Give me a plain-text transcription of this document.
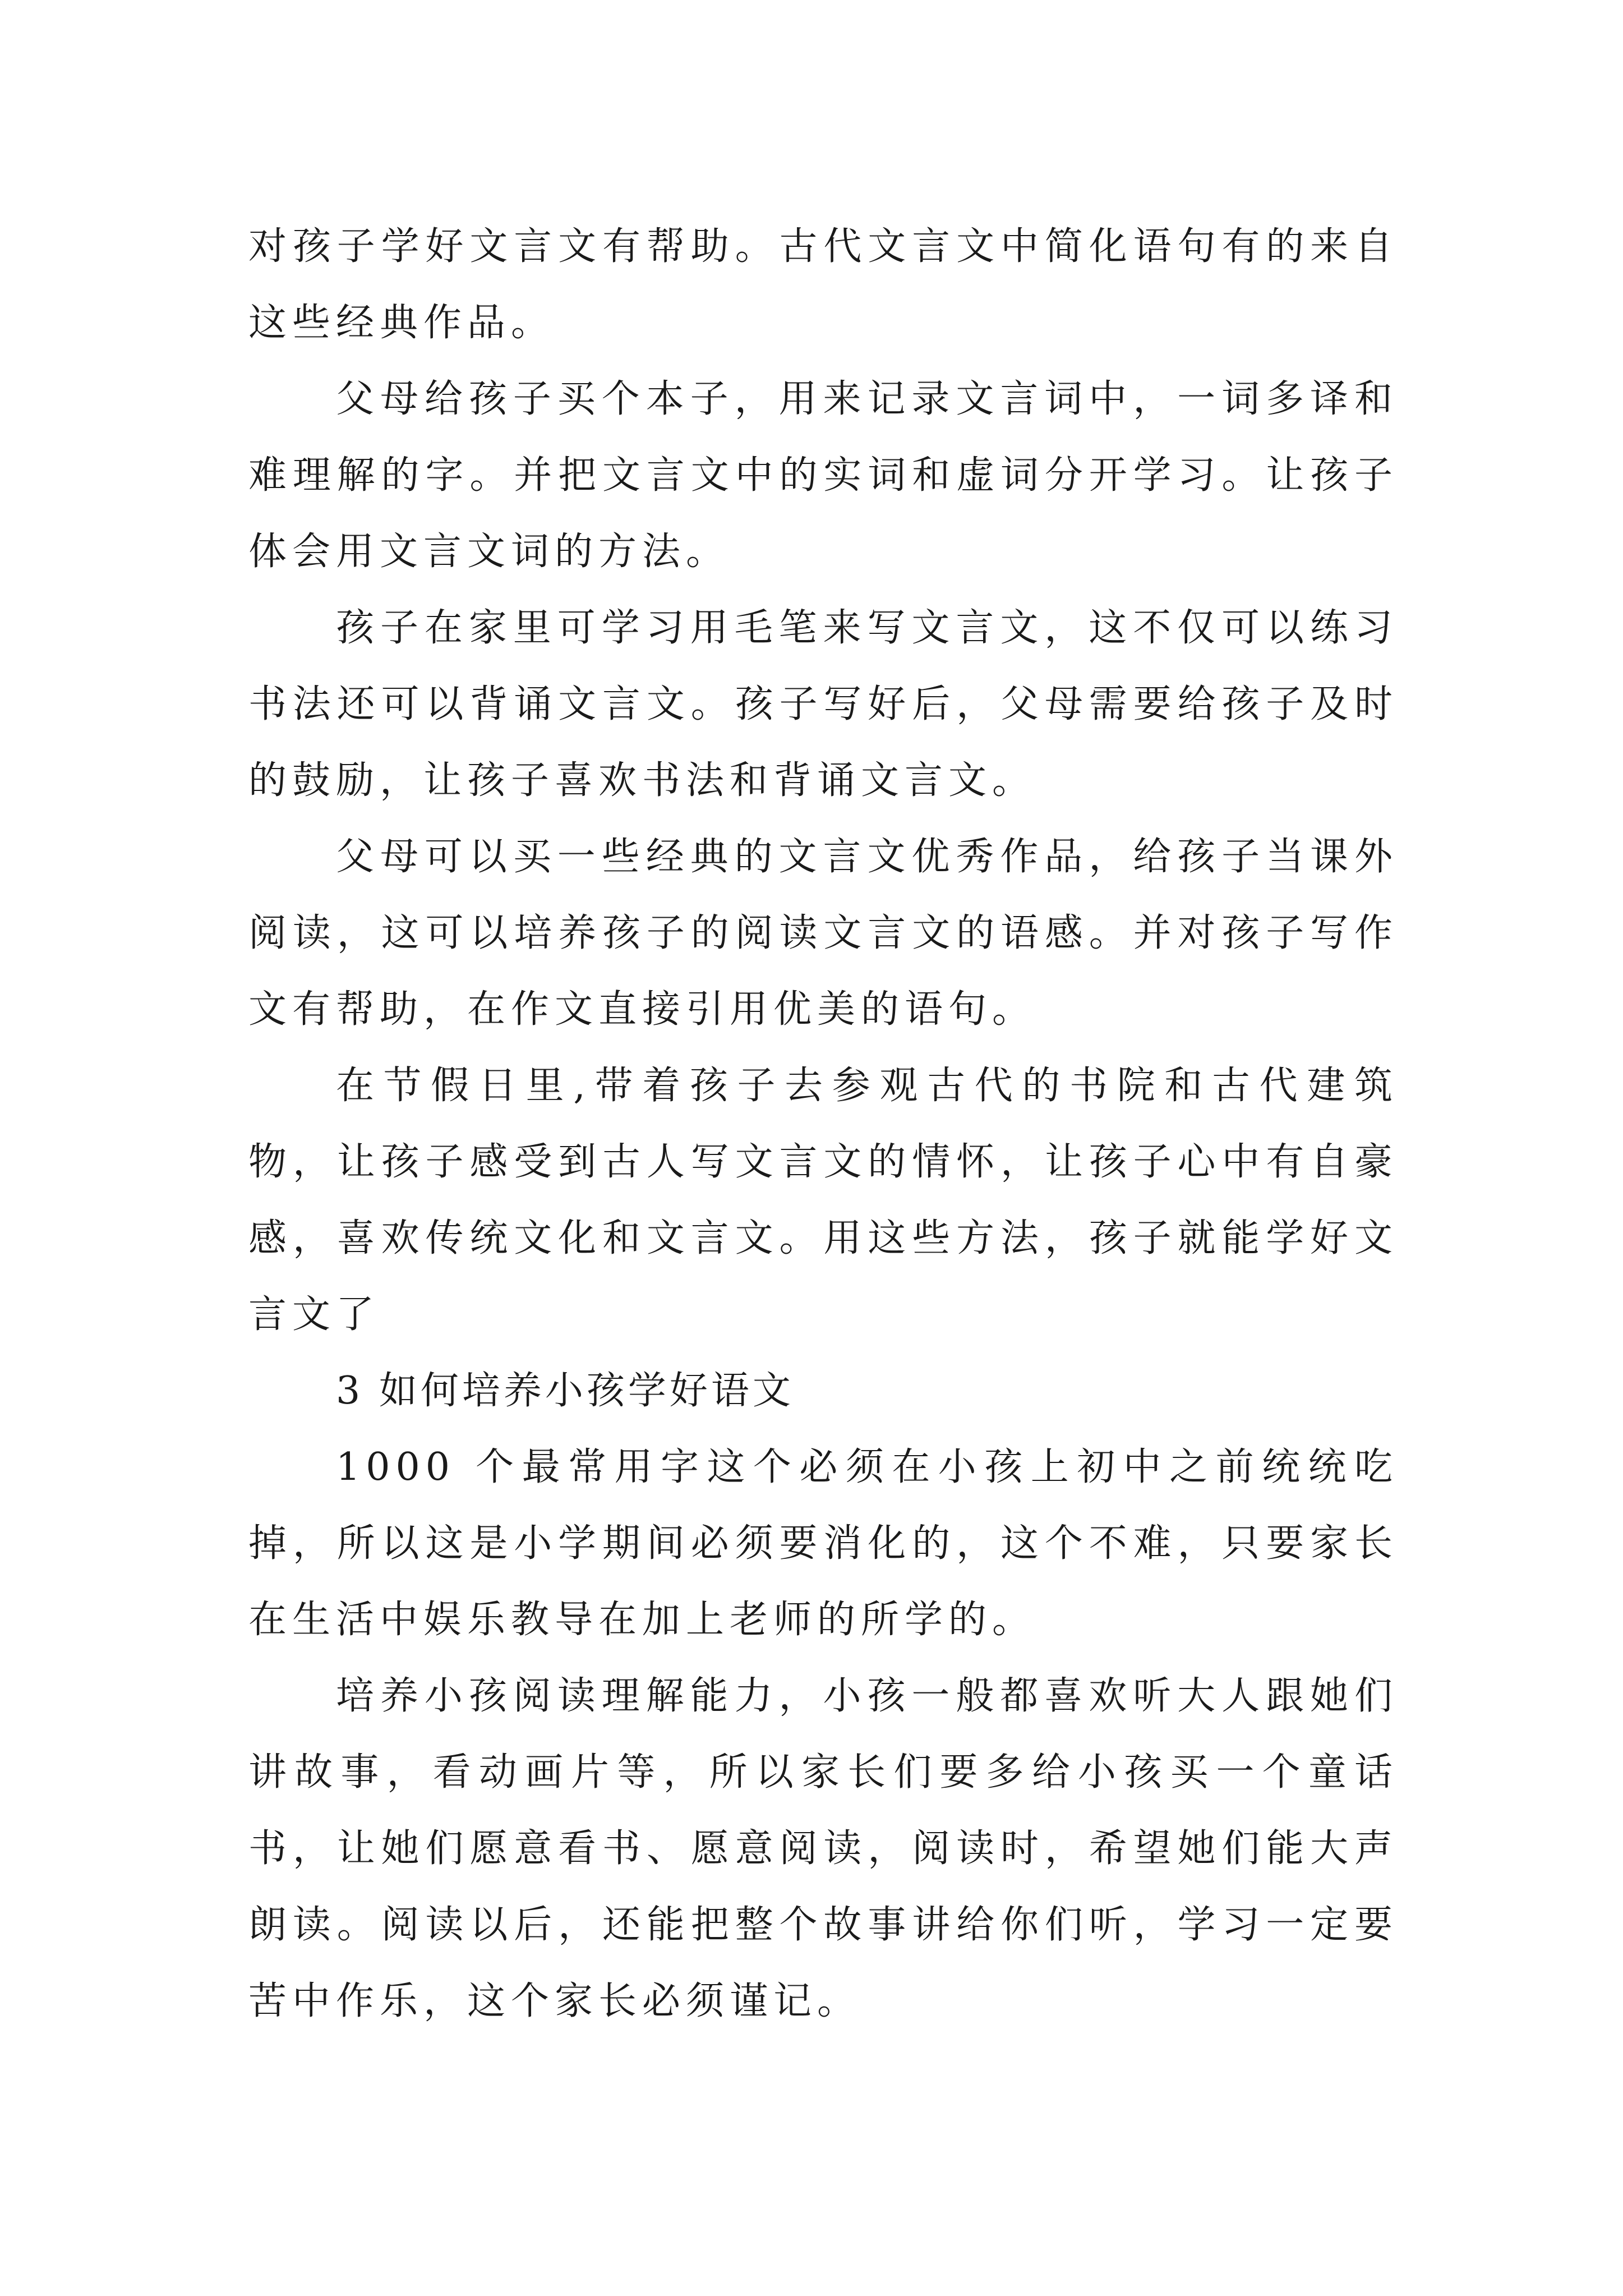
对孩子学好文言文有帮助。古代文言文中简化语句有的来自这些经典作品。

父母给孩子买个本子，用来记录文言词中，一词多译和难理解的字。并把文言文中的实词和虚词分开学习。让孩子体会用文言文词的方法。

孩子在家里可学习用毛笔来写文言文，这不仅可以练习书法还可以背诵文言文。孩子写好后，父母需要给孩子及时的鼓励，让孩子喜欢书法和背诵文言文。

父母可以买一些经典的文言文优秀作品，给孩子当课外阅读，这可以培养孩子的阅读文言文的语感。并对孩子写作文有帮助，在作文直接引用优美的语句。

在节假日里,带着孩子去参观古代的书院和古代建筑物，让孩子感受到古人写文言文的情怀，让孩子心中有自豪感，喜欢传统文化和文言文。用这些方法，孩子就能学好文言文了

3 如何培养小孩学好语文

1000 个最常用字这个必须在小孩上初中之前统统吃掉，所以这是小学期间必须要消化的，这个不难，只要家长在生活中娱乐教导在加上老师的所学的。

培养小孩阅读理解能力，小孩一般都喜欢听大人跟她们讲故事，看动画片等，所以家长们要多给小孩买一个童话书，让她们愿意看书、愿意阅读，阅读时，希望她们能大声朗读。阅读以后，还能把整个故事讲给你们听，学习一定要苦中作乐，这个家长必须谨记。
